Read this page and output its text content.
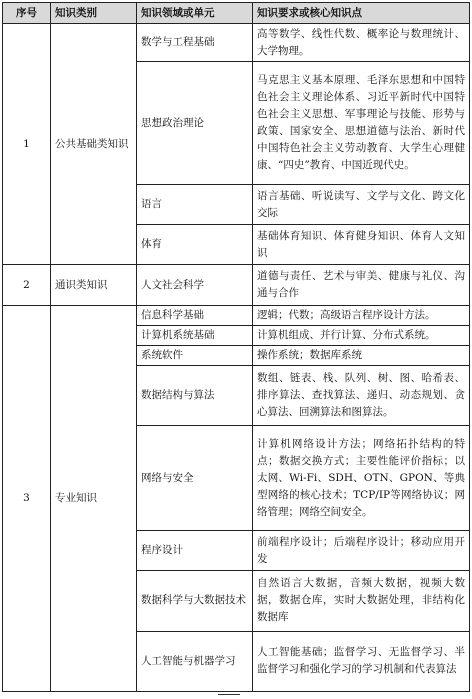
序号	知识类别	知识领域或单元	知识要求或核心知识点
1	公共基础类知识	数学与工程基础	高等数学、线性代数、概率论与数理统计、大学物理。
		思想政治理论	马克思主义基本原理、毛泽东思想和中国特色社会主义理论体系、习近平新时代中国特色社会主义思想、军事理论与技能、形势与政策、国家安全、思想道德与法治、新时代中国特色社会主义劳动教育、大学生心理健康、“四史”教育、中国近现代史。
		语言	语言基础、听说读写、文学与文化、跨文化交际
		体育	基础体育知识、体育健身知识、体育人文知识
2	通识类知识	人文社会科学	道德与责任、艺术与审美、健康与礼仪、沟通与合作
3	专业知识	信息科学基础	逻辑；代数；高级语言程序设计方法。
		计算机系统基础	计算机组成、并行计算、分布式系统。
		系统软件	操作系统；数据库系统
		数据结构与算法	数组、链表、栈、队列、树、图、哈希表、排序算法、查找算法、递归、动态规划、贪心算法、回溯算法和图算法。
		网络与安全	计算机网络设计方法；网络拓扑结构的特点；数据交换方式；主要性能评价指标；以太网、Wi-Fi、SDH、OTN、GPON、等典型网络的核心技术；TCP/IP等网络协议；网络管理；网络空间安全。
		程序设计	前端程序设计；后端程序设计；移动应用开发
		数据科学与大数据技术	自然语言大数据，音频大数据，视频大数据，数据仓库，实时大数据处理，非结构化数据库
		人工智能与机器学习	人工智能基础；监督学习、无监督学习、半监督学习和强化学习的学习机制和代表算法
